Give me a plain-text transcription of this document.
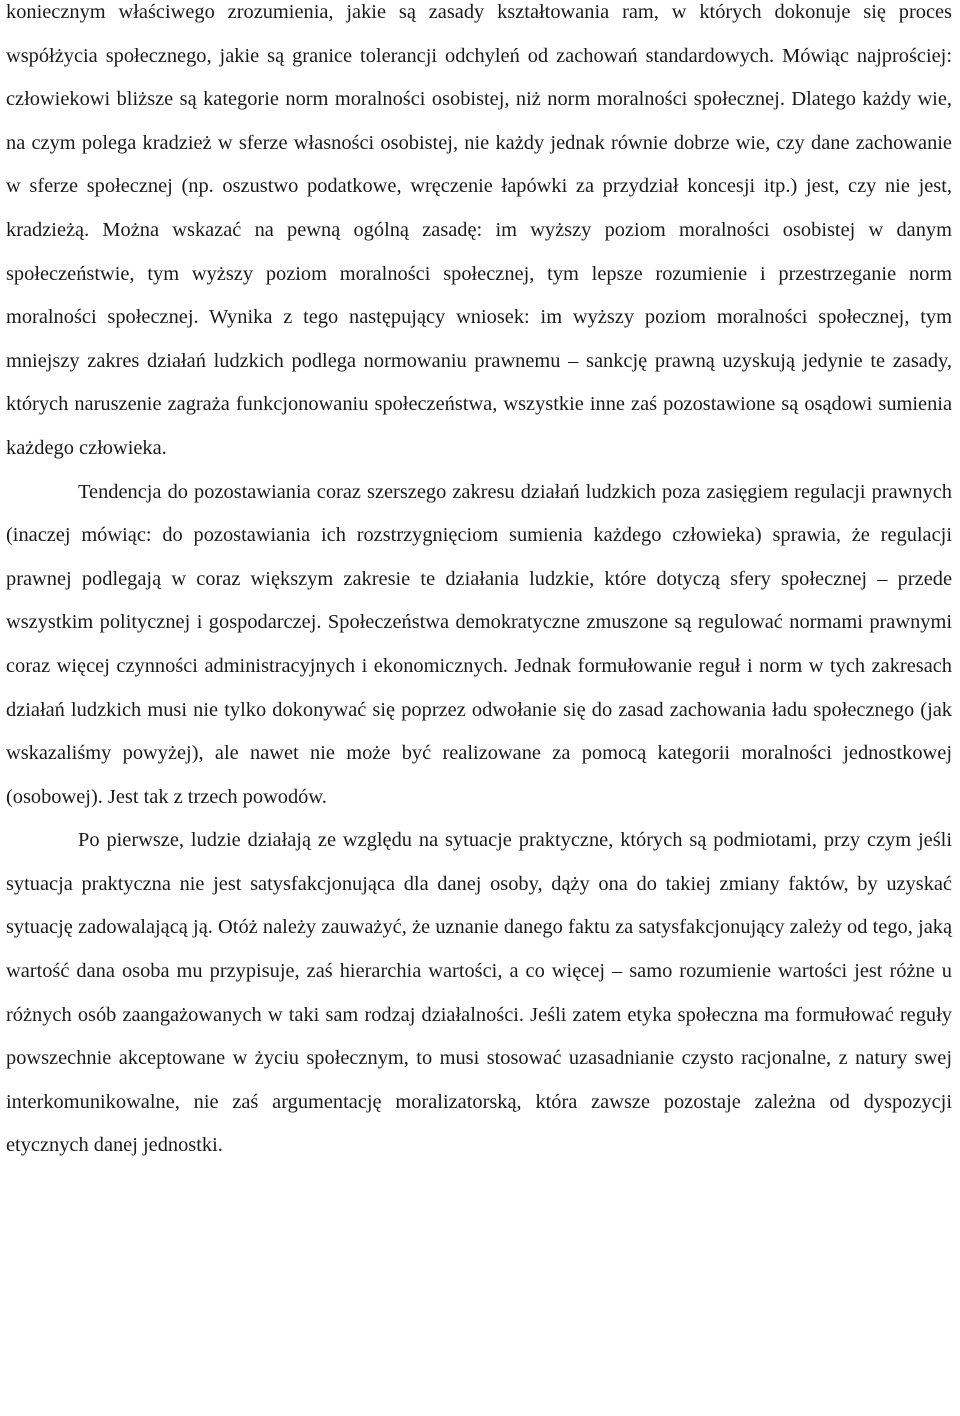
koniecznym właściwego zrozumienia, jakie są zasady kształtowania ram, w których dokonuje się proces współżycia społecznego, jakie są granice tolerancji odchyleń od zachowań standardowych. Mówiąc najprościej: człowiekowi bliższe są kategorie norm moralności osobistej, niż norm moralności społecznej. Dlatego każdy wie, na czym polega kradzież w sferze własności osobistej, nie każdy jednak równie dobrze wie, czy dane zachowanie w sferze społecznej (np. oszustwo podatkowe, wręczenie łapówki za przydział koncesji itp.) jest, czy nie jest, kradzieżą. Można wskazać na pewną ogólną zasadę: im wyższy poziom moralności osobistej w danym społeczeństwie, tym wyższy poziom moralności społecznej, tym lepsze rozumienie i przestrzeganie norm moralności społecznej. Wynika z tego następujący wniosek: im wyższy poziom moralności społecznej, tym mniejszy zakres działań ludzkich podlega normowaniu prawnemu – sankcję prawną uzyskują jedynie te zasady, których naruszenie zagraża funkcjonowaniu społeczeństwa, wszystkie inne zaś pozostawione są osądowi sumienia każdego człowieka.

Tendencja do pozostawiania coraz szerszego zakresu działań ludzkich poza zasięgiem regulacji prawnych (inaczej mówiąc: do pozostawiania ich rozstrzygnięciom sumienia każdego człowieka) sprawia, że regulacji prawnej podlegają w coraz większym zakresie te działania ludzkie, które dotyczą sfery społecznej – przede wszystkim politycznej i gospodarczej. Społeczeństwa demokratyczne zmuszone są regulować normami prawnymi coraz więcej czynności administracyjnych i ekonomicznych. Jednak formułowanie reguł i norm w tych zakresach działań ludzkich musi nie tylko dokonywać się poprzez odwołanie się do zasad zachowania ładu społecznego (jak wskazaliśmy powyżej), ale nawet nie może być realizowane za pomocą kategorii moralności jednostkowej (osobowej). Jest tak z trzech powodów.

Po pierwsze, ludzie działają ze względu na sytuacje praktyczne, których są podmiotami, przy czym jeśli sytuacja praktyczna nie jest satysfakcjonująca dla danej osoby, dąży ona do takiej zmiany faktów, by uzyskać sytuację zadowalającą ją. Otóż należy zauważyć, że uznanie danego faktu za satysfakcjonujący zależy od tego, jaką wartość dana osoba mu przypisuje, zaś hierarchia wartości, a co więcej – samo rozumienie wartości jest różne u różnych osób zaangażowanych w taki sam rodzaj działalności. Jeśli zatem etyka społeczna ma formułować reguły powszechnie akceptowane w życiu społecznym, to musi stosować uzasadnianie czysto racjonalne, z natury swej interkomunikowalne, nie zaś argumentację moralizatorską, która zawsze pozostaje zależna od dyspozycji etycznych danej jednostki.
